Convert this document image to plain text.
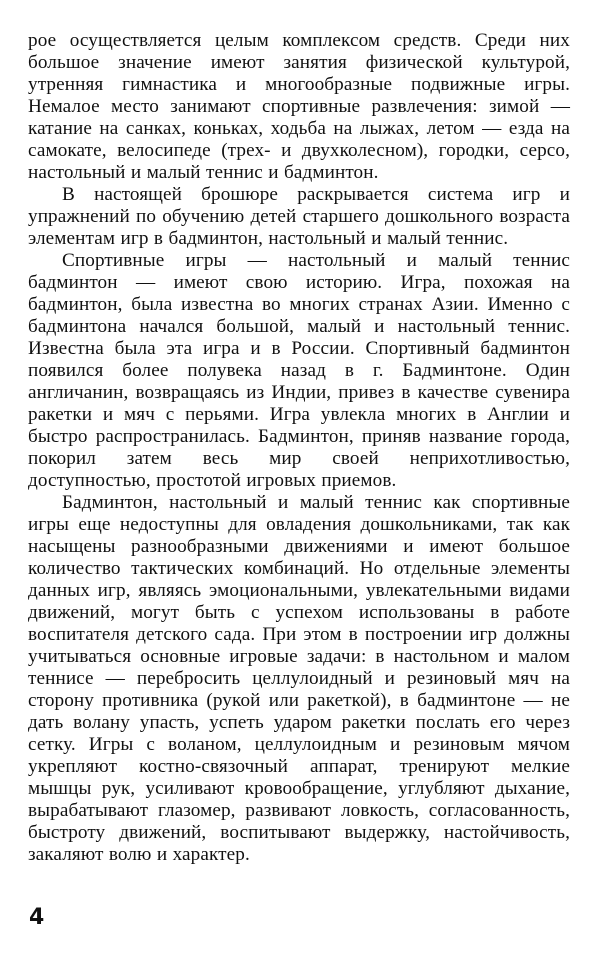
рое осуществляется целым комплексом средств. Среди них большое значение имеют занятия физической культурой, утренняя гимнастика и многообразные подвижные игры. Немалое место занимают спортивные развлечения: зимой — катание на санках, коньках, ходьба на лыжах, летом — езда на самокате, велосипеде (трех- и двухколесном), городки, серсо, настольный и малый теннис и бадминтон.

В настоящей брошюре раскрывается система игр и упражнений по обучению детей старшего дошкольного возраста элементам игр в бадминтон, настольный и малый теннис.

Спортивные игры — настольный и малый теннис бадминтон — имеют свою историю. Игра, похожая на бадминтон, была известна во многих странах Азии. Именно с бадминтона начался большой, малый и настольный теннис. Известна была эта игра и в России. Спортивный бадминтон появился более полувека назад в г. Бадминтоне. Один англичанин, возвращаясь из Индии, привез в качестве сувенира ракетки и мяч с перьями. Игра увлекла многих в Англии и быстро распространилась. Бадминтон, приняв название города, покорил затем весь мир своей неприхотливостью, доступностью, простотой игровых приемов.

Бадминтон, настольный и малый теннис как спортивные игры еще недоступны для овладения дошкольниками, так как насыщены разнообразными движениями и имеют большое количество тактических комбинаций. Но отдельные элементы данных игр, являясь эмоциональными, увлекательными видами движений, могут быть с успехом использованы в работе воспитателя детского сада. При этом в построении игр должны учитываться основные игровые задачи: в настольном и малом теннисе — перебросить целлулоидный и резиновый мяч на сторону противника (рукой или ракеткой), в бадминтоне — не дать волану упасть, успеть ударом ракетки послать его через сетку. Игры с воланом, целлулоидным и резиновым мячом укрепляют костно-связочный аппарат, тренируют мелкие мышцы рук, усиливают кровообращение, углубляют дыхание, вырабатывают глазомер, развивают ловкость, согласованность, быстроту движений, воспитывают выдержку, настойчивость, закаляют волю и характер.

4
